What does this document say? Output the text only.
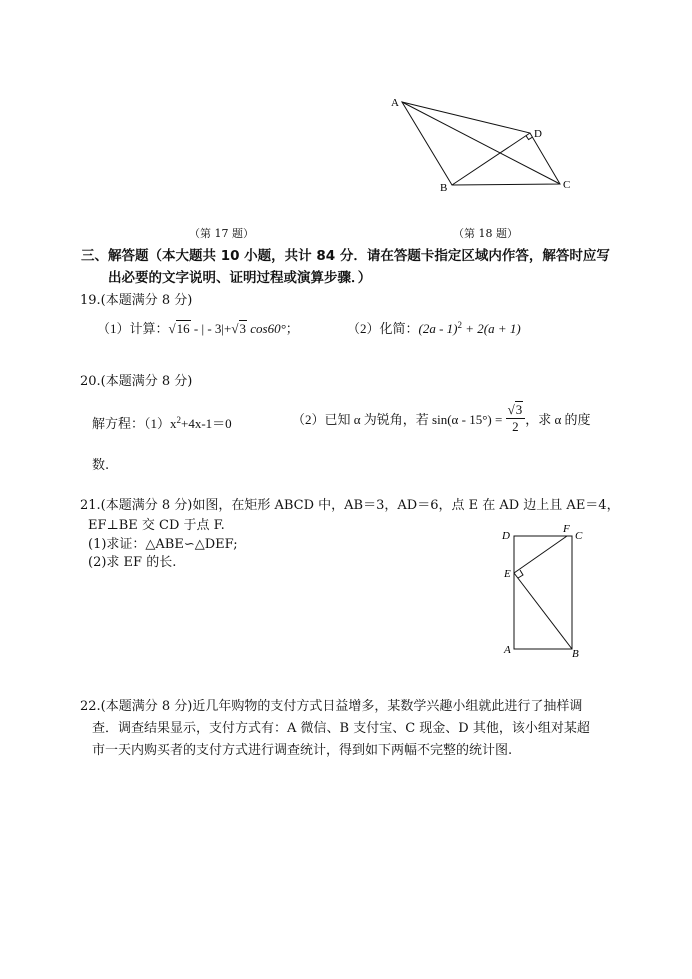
A
D
B	C
（第 17 题）	（第 18 题）
三、解答题（本大题共 10 小题，共计 84 分．请在答题卡指定区域内作答，解答时应写
出必要的文字说明、证明过程或演算步骤．）
19.(本题满分 8 分)
（1）计算：√16 - | - 3|+√3 cos60°；	（2）化简：(2a - 1)$^2$ + 2(a + 1)
20.(本题满分 8 分)
解方程：$(1)x^2+4x-1=0$	（2）已知 α 为锐角，若 $\sin(\alpha - 15^\circ) = \frac{√3}{2}$ ，求 α 的度
数.
21.(本题满分 8 分)如图，在矩形 ABCD 中，AB＝3，AD＝6，点 E 在 AD 边上且 AE＝4，
EF⊥BE 交 CD 于点 F.
(1)求证：△ABE∽△DEF;
(2)求 EF 的长.
D
F
C
E
A	B
22.(本题满分 8 分)近几年购物的支付方式日益增多，某数学兴趣小组就此进行了抽样调
查．调查结果显示，支付方式有：A 微信、B 支付宝、C 现金、D 其他，该小组对某超
市一天内购买者的支付方式进行调查统计，得到如下两幅不完整的统计图.
